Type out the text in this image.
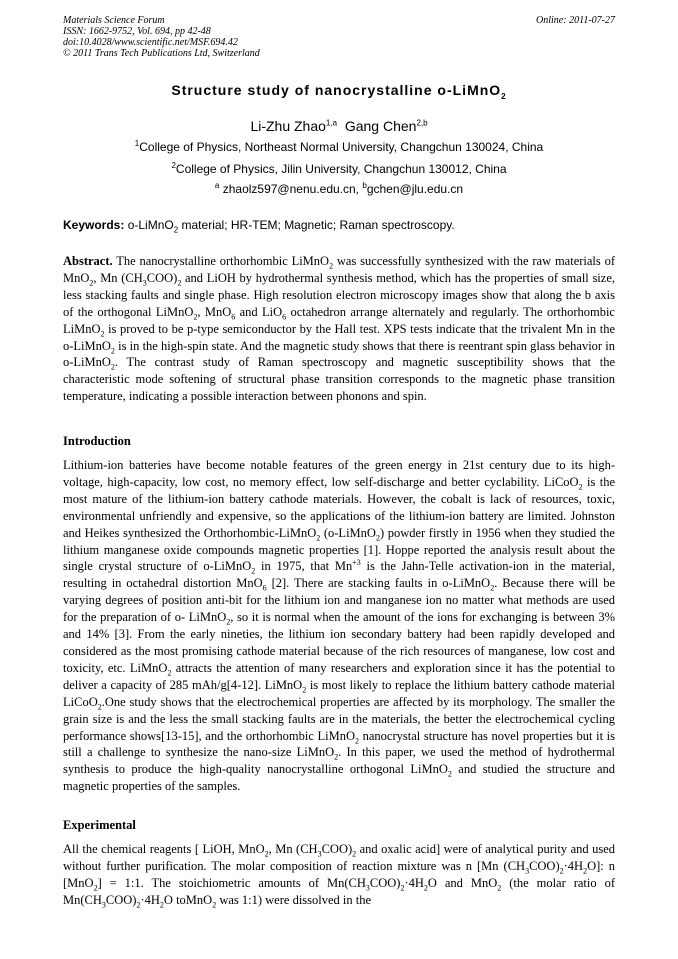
Materials Science Forum
ISSN: 1662-9752, Vol. 694, pp 42-48
doi:10.4028/www.scientific.net/MSF.694.42
© 2011 Trans Tech Publications Ltd, Switzerland
Online: 2011-07-27
Structure study of nanocrystalline o-LiMnO$_2$
Li-Zhu Zhao$^{1,a}$ Gang Chen$^{2,b}$
$^1$College of Physics, Northeast Normal University, Changchun 130024, China
$^2$College of Physics, Jilin University, Changchun 130012, China
$^a$ zhaolz597@nenu.edu.cn, $^b$gchen@jlu.edu.cn
Keywords: o-LiMnO$_2$ material; HR-TEM; Magnetic; Raman spectroscopy.

Abstract. The nanocrystalline orthorhombic LiMnO$_2$ was successfully synthesized with the raw materials of MnO$_2$, Mn $(CH_3COO)_2$ and LiOH by hydrothermal synthesis method, which has the properties of small size, less stacking faults and single phase. High resolution electron microscopy images show that along the b axis of the orthogonal LiMnO$_2$, MnO$_6$ and LiO$_6$ octahedron arrange alternately and regularly. The orthorhombic LiMnO$_2$ is proved to be p-type semiconductor by the Hall test. XPS tests indicate that the trivalent Mn in the o-LiMnO$_2$ is in the high-spin state. And the magnetic study shows that there is reentrant spin glass behavior in o-LiMnO$_2$. The contrast study of Raman spectroscopy and magnetic susceptibility shows that the characteristic mode softening of structural phase transition corresponds to the magnetic phase transition temperature, indicating a possible interaction between phonons and spin.

Introduction

Lithium-ion batteries have become notable features of the green energy in 21st century due to its high-voltage, high-capacity, low cost, no memory effect, low self-discharge and better cyclability. LiCoO$_2$ is the most mature of the lithium-ion battery cathode materials. However, the cobalt is lack of resources, toxic, environmental unfriendly and expensive, so the applications of the lithium-ion battery are limited. Johnston and Heikes synthesized the Orthorhombic-LiMnO$_2$ (o-LiMnO$_2$) powder firstly in 1956 when they studied the lithium manganese oxide compounds magnetic properties [1]. Hoppe reported the analysis result about the single crystal structure of o-LiMnO$_2$ in 1975, that $Mn^{+3}$ is the Jahn-Telle activation-ion in the material, resulting in octahedral distortion MnO$_6$ [2]. There are stacking faults in o-LiMnO$_2$. Because there will be varying degrees of position anti-bit for the lithium ion and manganese ion no matter what methods are used for the preparation of o- LiMnO$_2$, so it is normal when the amount of the ions for exchanging is between 3% and 14% [3]. From the early nineties, the lithium ion secondary battery had been rapidly developed and considered as the most promising cathode material because of the rich resources of manganese, low cost and toxicity, etc. LiMnO$_2$ attracts the attention of many researchers and exploration since it has the potential to deliver a capacity of 285 mAh/g[4-12]. LiMnO$_2$ is most likely to replace the lithium battery cathode material LiCoO$_2$.One study shows that the electrochemical properties are affected by its morphology. The smaller the grain size is and the less the small stacking faults are in the materials, the better the electrochemical cycling performance shows[13-15], and the orthorhombic LiMnO$_2$ nanocrystal structure has novel properties but it is still a challenge to synthesize the nano-size LiMnO$_2$. In this paper, we used the method of hydrothermal synthesis to produce the high-quality nanocrystalline orthogonal LiMnO$_2$ and studied the structure and magnetic properties of the samples.

Experimental

All the chemical reagents [ LiOH, MnO$_2$, Mn $(CH_3COO)_2$ and oxalic acid] were of analytical purity and used without further purification. The molar composition of reaction mixture was n [Mn $(CH_3COO)_2\cdot 4H_2O$]: n [MnO$_2$] = 1:1. The stoichiometric amounts of $Mn(CH_3COO)_2\cdot 4H_2O$ and MnO$_2$ (the molar ratio of $Mn(CH_3COO)_2\cdot 4H_2O$ toMnO$_2$ was 1:1) were dissolved in the
